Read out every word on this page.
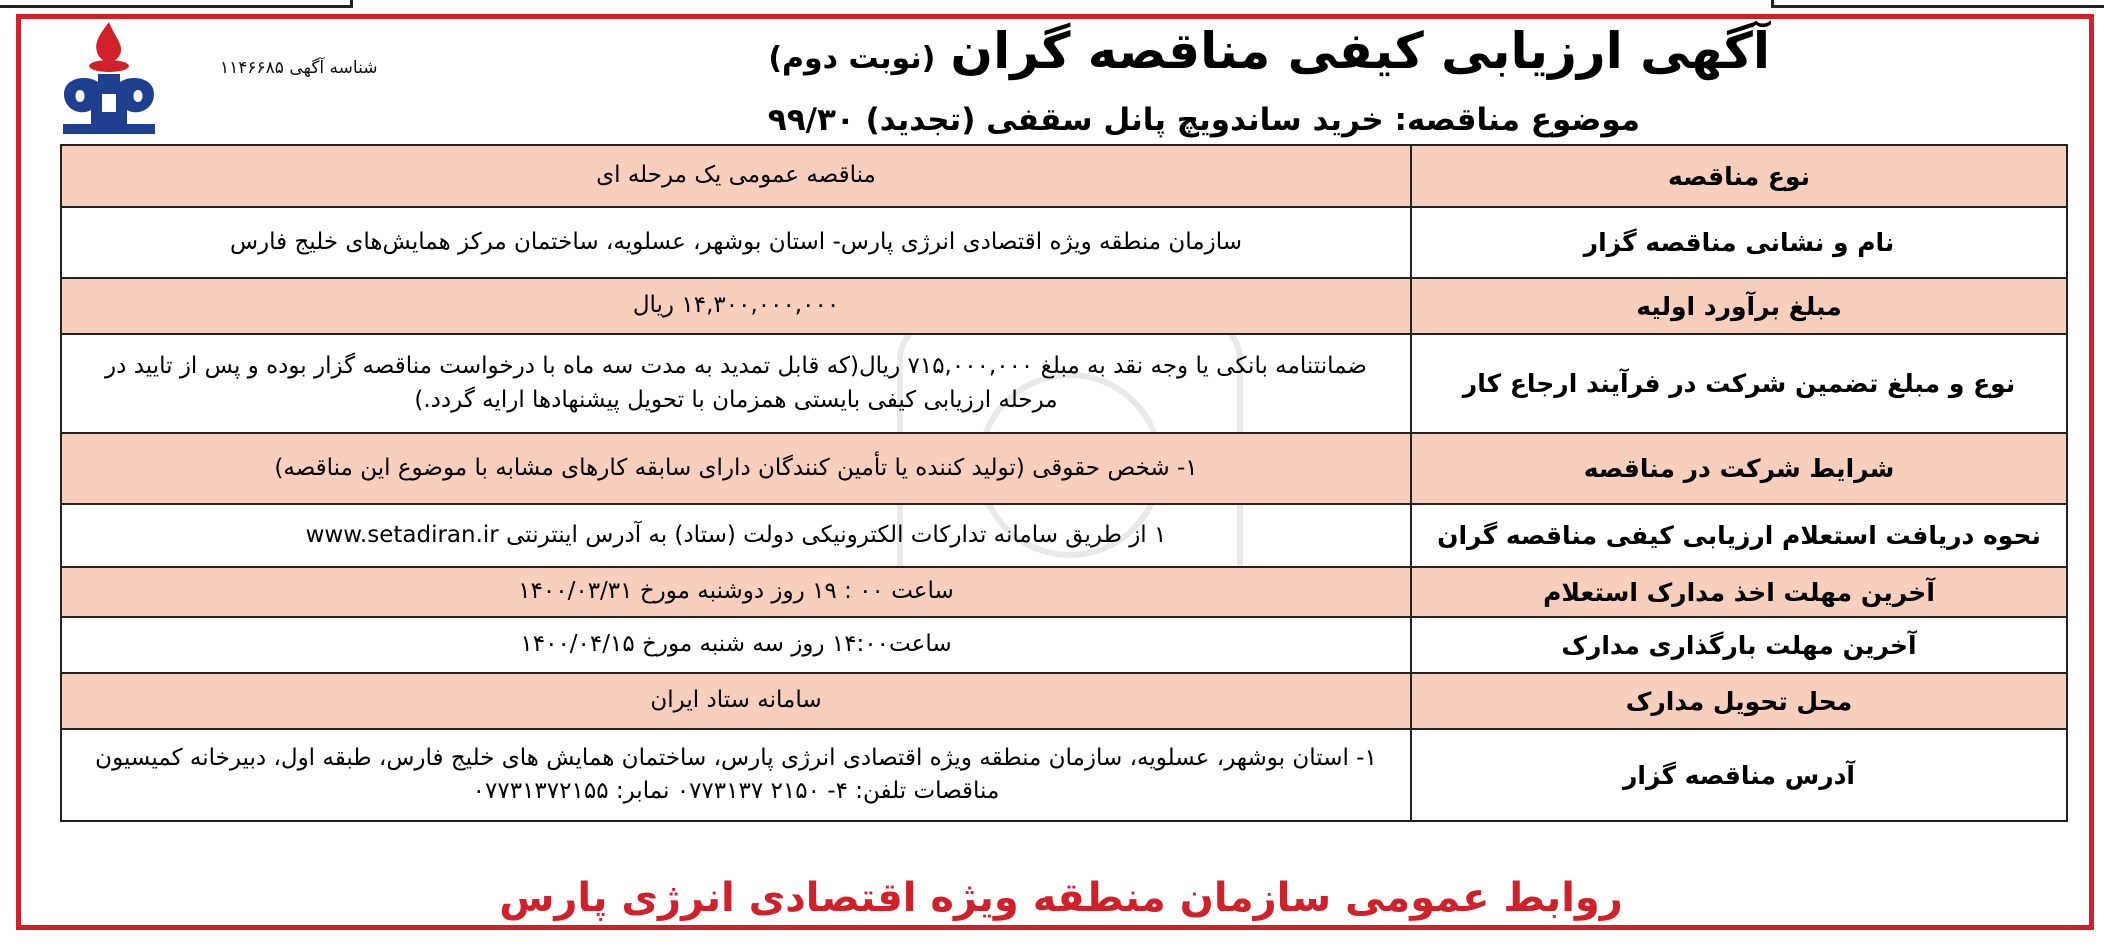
شناسه آگهی ۱۱۴۶۶۸۵	آگهی ارزیابی کیفی مناقصه گران (نوبت دوم)
موضوع مناقصه: خرید ساندویچ پانل سقفی (تجدید) ۹۹/۳۰
نوع مناقصه	مناقصه عمومی یک مرحله ای
نام و نشانی مناقصه گزار	سازمان منطقه ویژه اقتصادی انرژی پارس- استان بوشهر، عسلویه، ساختمان مرکز همایش‌های خلیج فارس
مبلغ برآورد اولیه	۱۴,۳۰۰,۰۰۰,۰۰۰ ریال
نوع و مبلغ تضمین شرکت در فرآیند ارجاع کار	ضمانتنامه بانکی یا وجه نقد به مبلغ ۷۱۵,۰۰۰,۰۰۰ ریال(که قابل تمدید به مدت سه ماه با درخواست مناقصه گزار بوده و پس از تایید در مرحله ارزیابی کیفی بایستی همزمان با تحویل پیشنهادها ارایه گردد.)
شرایط شرکت در مناقصه	۱- شخص حقوقی (تولید کننده یا تأمین کنندگان دارای سابقه کارهای مشابه با موضوع این مناقصه)
نحوه دریافت استعلام ارزیابی کیفی مناقصه گران	۱ از طریق سامانه تدارکات الکترونیکی دولت (ستاد) به آدرس اینترنتی www.setadiran.ir
آخرین مهلت اخذ مدارک استعلام	ساعت ۰۰ : ۱۹ روز دوشنبه مورخ ۱۴۰۰/۰۳/۳۱
آخرین مهلت بارگذاری مدارک	ساعت۱۴:۰۰ روز سه شنبه مورخ ۱۴۰۰/۰۴/۱۵
محل تحویل مدارک	سامانه ستاد ایران
آدرس مناقصه گزار	۱- استان بوشهر، عسلویه، سازمان منطقه ویژه اقتصادی انرژی پارس، ساختمان همایش های خلیج فارس، طبقه اول، دبیرخانه کمیسیون مناقصات تلفن: ۴- ۲۱۵۰ ۰۷۷۳۱۳۷ نمابر: ۰۷۷۳۱۳۷۲۱۵۵
روابط عمومی سازمان منطقه ویژه اقتصادی انرژی پارس
